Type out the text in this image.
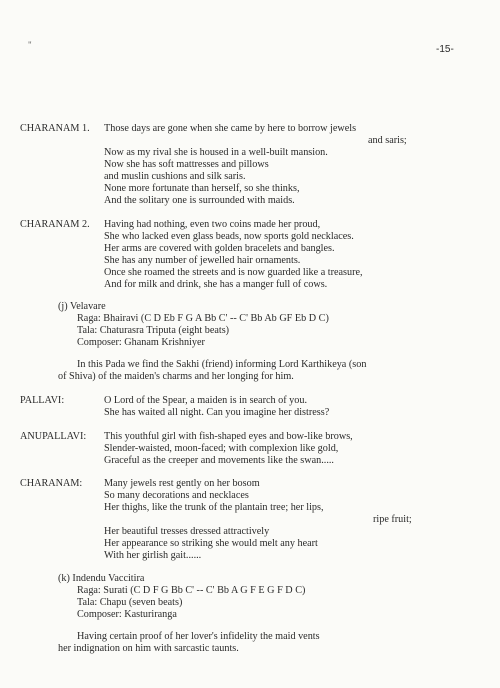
"	-15-
CHARANAM 1. Those days are gone when she came by here to borrow jewels
and saris;
Now as my rival she is housed in a well-built mansion.
Now she has soft mattresses and pillows
and muslin cushions and silk saris.
None more fortunate than herself, so she thinks,
And the solitary one is surrounded with maids.
CHARANAM 2. Having had nothing, even two coins made her proud,
She who lacked even glass beads, now sports gold necklaces.
Her arms are covered with golden bracelets and bangles.
She has any number of jewelled hair ornaments.
Once she roamed the streets and is now guarded like a treasure,
And for milk and drink, she has a manger full of cows.
(j) Velavare
Raga: Bhairavi (C D Eb F G A Bb C' -- C' Bb Ab GF Eb D C)
Tala: Chaturasra Triputa (eight beats)
Composer: Ghanam Krishniyer
In this Pada we find the Sakhi (friend) informing Lord Karthikeya (son
of Shiva) of the maiden's charms and her longing for him.
PALLAVI:	O Lord of the Spear, a maiden is in search of you.
She has waited all night. Can you imagine her distress?
ANUPALLAVI: This youthful girl with fish-shaped eyes and bow-like brows,
Slender-waisted, moon-faced; with complexion like gold,
Graceful as the creeper and movements like the swan.....
CHARANAM: Many jewels rest gently on her bosom
So many decorations and necklaces
Her thighs, like the trunk of the plantain tree; her lips,
ripe fruit;
Her beautiful tresses dressed attractively
Her appearance so striking she would melt any heart
With her girlish gait......
(k) Indendu Vaccitira
Raga: Surati (C D F G Bb C' -- C' Bb A G F E G F D C)
Tala: Chapu (seven beats)
Composer: Kasturiranga
Having certain proof of her lover's infidelity the maid vents
her indignation on him with sarcastic taunts.
